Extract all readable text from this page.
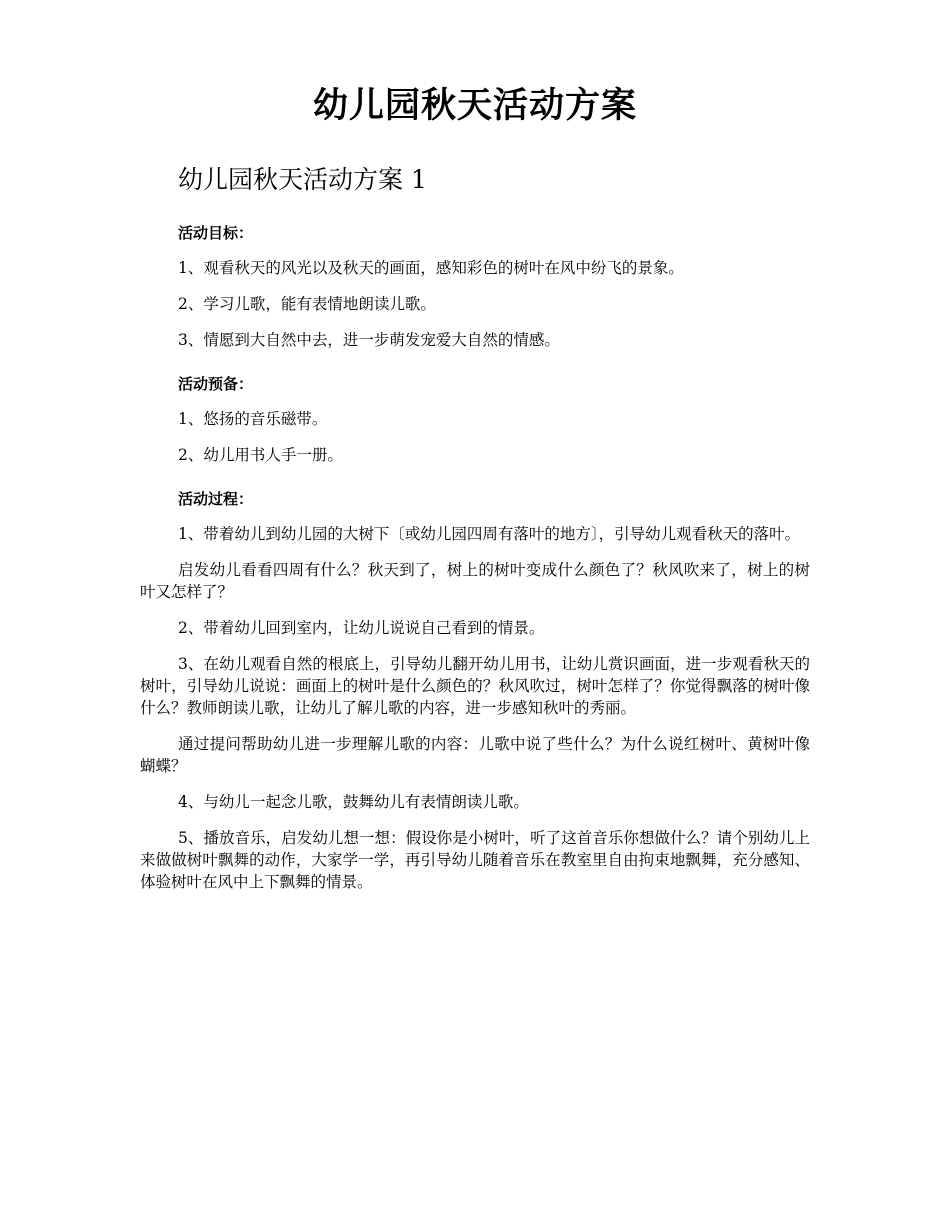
幼儿园秋天活动方案
幼儿园秋天活动方案 1
活动目标：

1、观看秋天的风光以及秋天的画面，感知彩色的树叶在风中纷飞的景象。

2、学习儿歌，能有表情地朗读儿歌。

3、情愿到大自然中去，进一步萌发宠爱大自然的情感。

活动预备：

1、悠扬的音乐磁带。

2、幼儿用书人手一册。

活动过程：

1、带着幼儿到幼儿园的大树下〔或幼儿园四周有落叶的地方〕，引导幼儿观看秋天的落叶。

启发幼儿看看四周有什么？秋天到了，树上的树叶变成什么颜色了？秋风吹来了，树上的树叶又怎样了？

2、带着幼儿回到室内，让幼儿说说自己看到的情景。

3、在幼儿观看自然的根底上，引导幼儿翻开幼儿用书，让幼儿赏识画面，进一步观看秋天的树叶，引导幼儿说说：画面上的树叶是什么颜色的？秋风吹过，树叶怎样了？你觉得飘落的树叶像什么？教师朗读儿歌，让幼儿了解儿歌的内容，进一步感知秋叶的秀丽。

通过提问帮助幼儿进一步理解儿歌的内容：儿歌中说了些什么？为什么说红树叶、黄树叶像蝴蝶？

4、与幼儿一起念儿歌，鼓舞幼儿有表情朗读儿歌。

5、播放音乐，启发幼儿想一想：假设你是小树叶，听了这首音乐你想做什么？请个别幼儿上来做做树叶飘舞的动作，大家学一学，再引导幼儿随着音乐在教室里自由拘束地飘舞，充分感知、体验树叶在风中上下飘舞的情景。
